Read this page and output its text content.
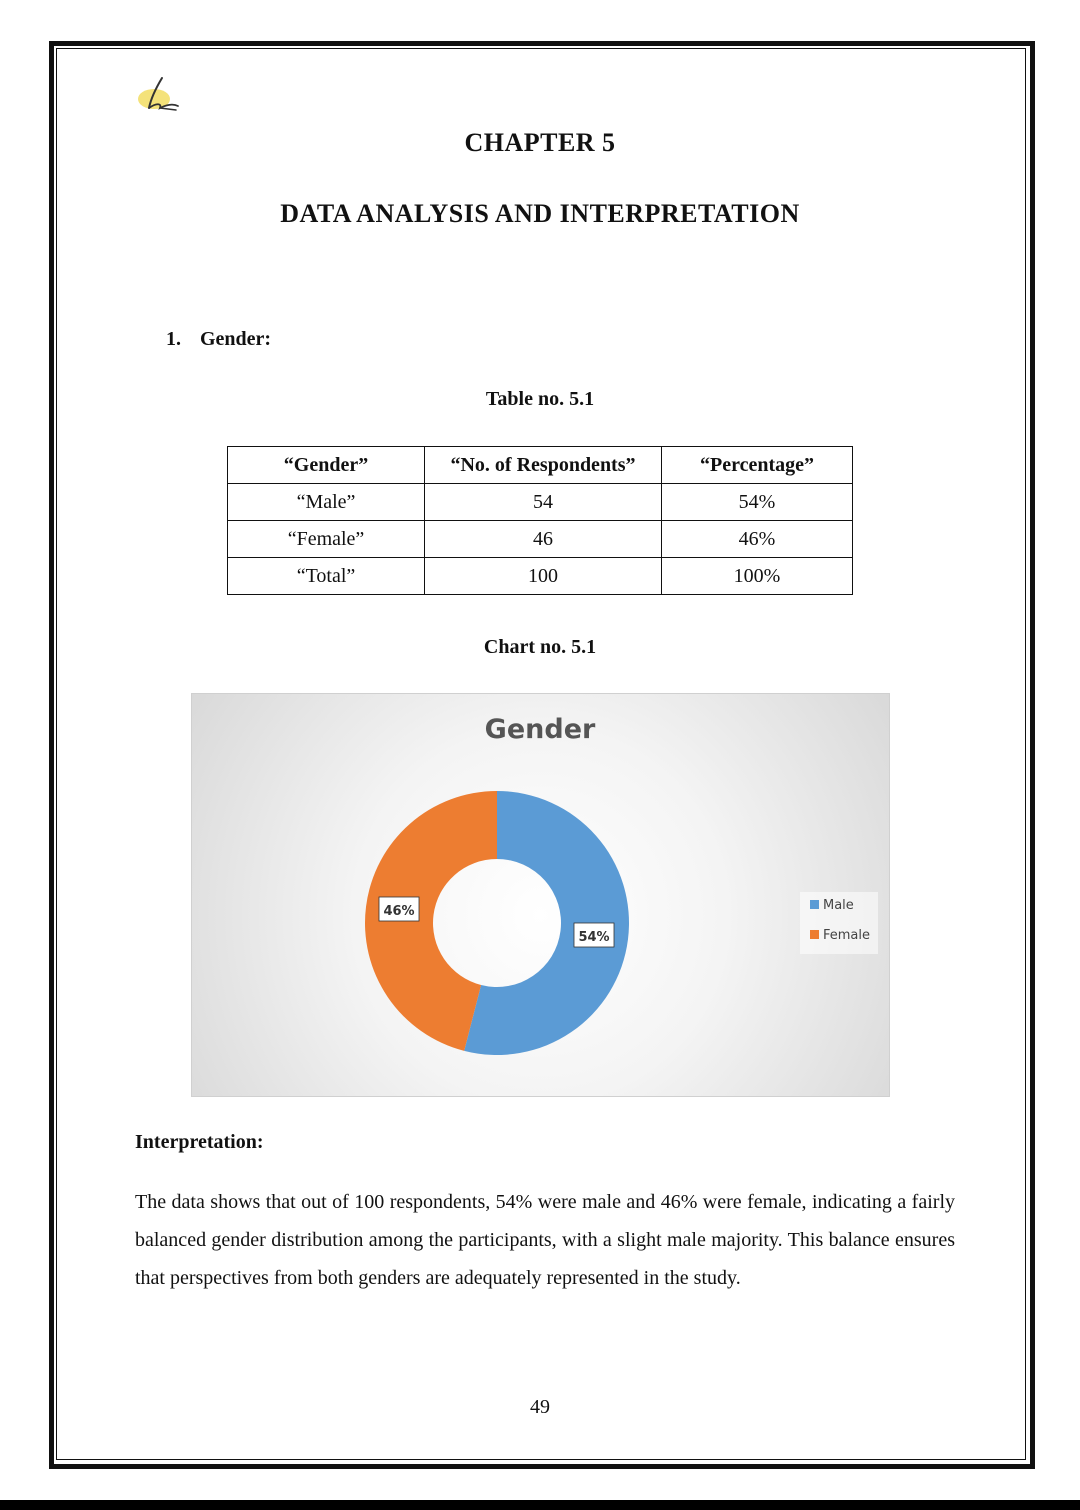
CHAPTER 5
DATA ANALYSIS AND INTERPRETATION
1. Gender:
Table no. 5.1
“Gender”	“No. of Respondents”	“Percentage”
“Male”	54	54%
“Female”	46	46%
“Total”	100	100%
Chart no. 5.1
Gender
54%
46%	Male
Female
Interpretation:
The data shows that out of 100 respondents, 54% were male and 46% were female, indicating a fairly balanced gender distribution among the participants, with a slight male majority. This balance ensures that perspectives from both genders are adequately represented in the study.
49
